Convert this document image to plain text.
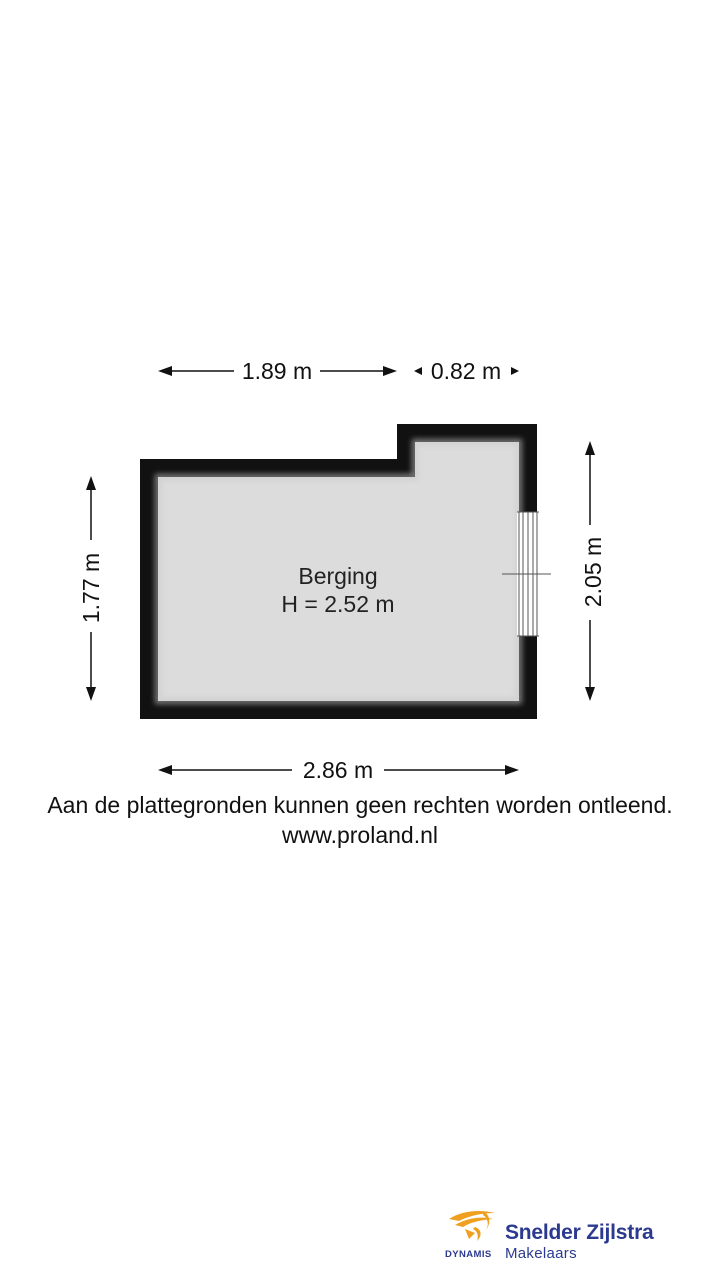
Berging
H = 2.52 m
1.89 m	0.82 m
1.77 m	2.05 m
2.86 m
Aan de plattegronden kunnen geen rechten worden ontleend.
www.proland.nl
DYNAMIS
Snelder Zijlstra
Makelaars
